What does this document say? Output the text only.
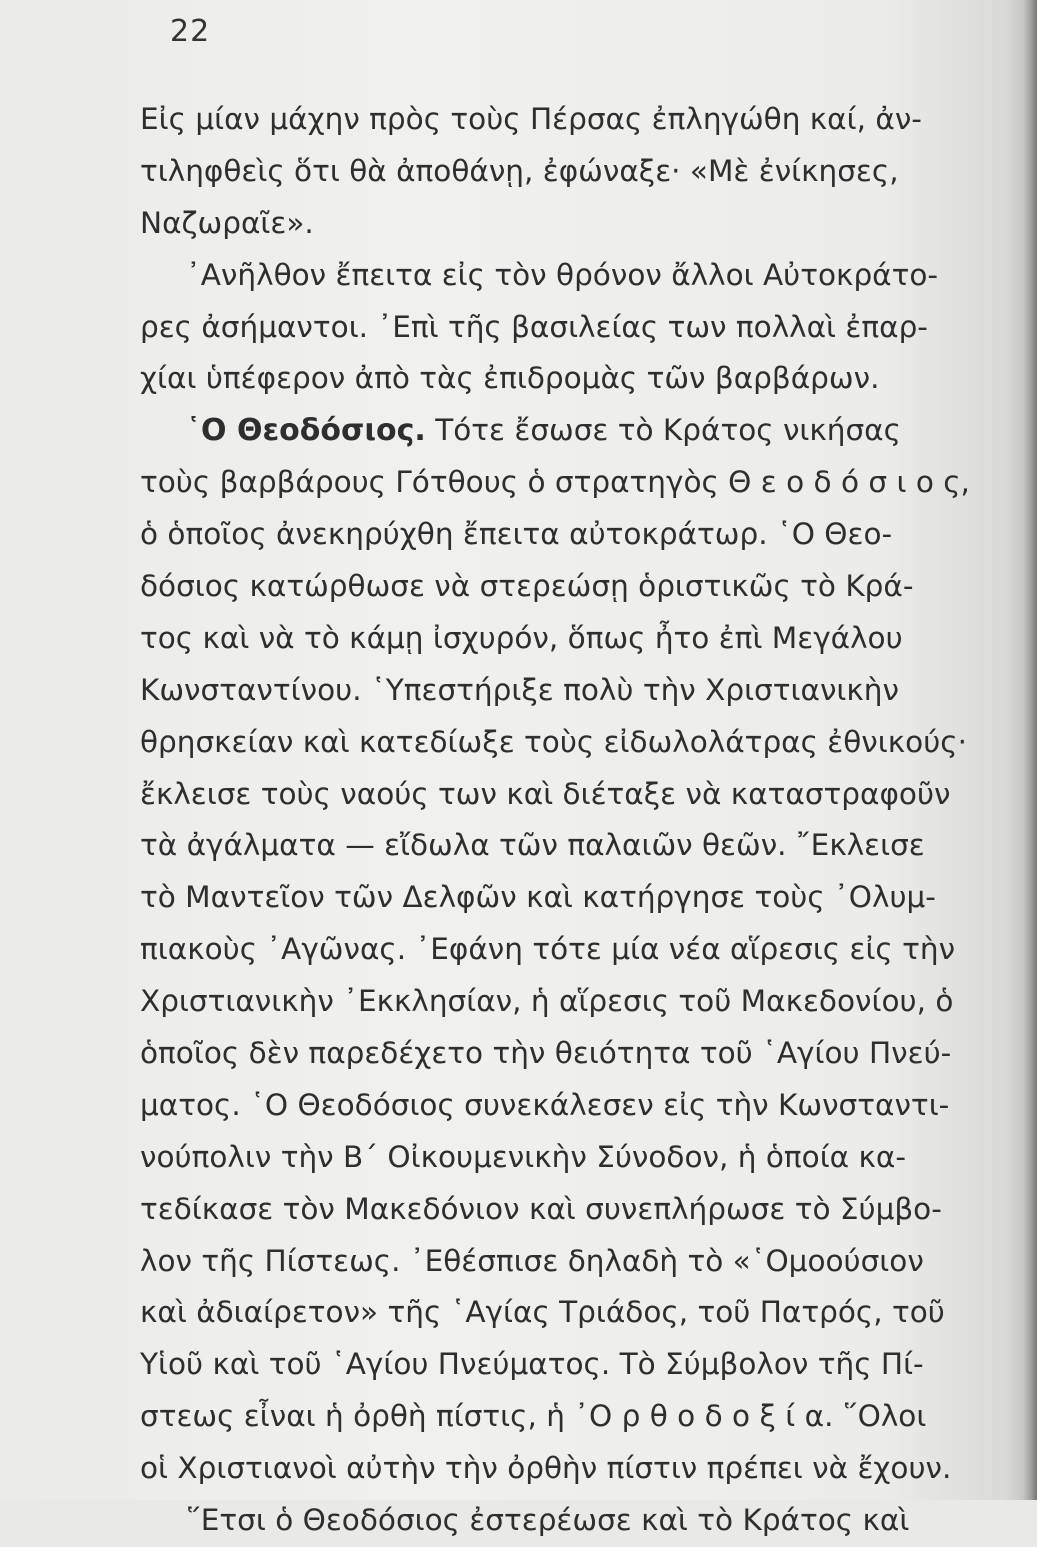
22
Εἰς μίαν μάχην πρὸς τοὺς Πέρσας ἐπληγώθη καί, ἀν-
τιληφθεὶς ὅτι θὰ ἀποθάνῃ, ἐφώναξε· «Μὲ ἐνίκησες,
Ναζωραῖε».
᾿Ανῆλθον ἔπειτα εἰς τὸν θρόνον ἄλλοι Αὐτοκράτο-
ρες ἀσήμαντοι. ᾿Επὶ τῆς βασιλείας των πολλαὶ ἐπαρ-
χίαι ὑπέφερον ἀπὸ τὰς ἐπιδρομὰς τῶν βαρβάρων.
῾Ο Θεοδόσιος. Τότε ἔσωσε τὸ Κράτος νικήσας
τοὺς βαρβάρους Γότθους ὁ στρατηγὸς Θ ε ο δ ό σ ι ο ς,
ὁ ὁποῖος ἀνεκηρύχθη ἔπειτα αὐτοκράτωρ. ῾Ο Θεο-
δόσιος κατώρθωσε νὰ στερεώσῃ ὁριστικῶς τὸ Κρά-
τος καὶ νὰ τὸ κάμῃ ἰσχυρόν, ὅπως ἦτο ἐπὶ Μεγάλου
Κωνσταντίνου. ῾Υπεστήριξε πολὺ τὴν Χριστιανικὴν
θρησκείαν καὶ κατεδίωξε τοὺς εἰδωλολάτρας ἐθνικούς·
ἔκλεισε τοὺς ναούς των καὶ διέταξε νὰ καταστραφοῦν
τὰ ἀγάλματα — εἴδωλα τῶν παλαιῶν θεῶν. ῎Εκλεισε
τὸ Μαντεῖον τῶν Δελφῶν καὶ κατήργησε τοὺς ᾿Ολυμ-
πιακοὺς ᾿Αγῶνας. ᾿Εφάνη τότε μία νέα αἵρεσις εἰς τὴν
Χριστιανικὴν ᾿Εκκλησίαν, ἡ αἵρεσις τοῦ Μακεδονίου, ὁ
ὁποῖος δὲν παρεδέχετο τὴν θειότητα τοῦ ῾Αγίου Πνεύ-
ματος. ῾Ο Θεοδόσιος συνεκάλεσεν εἰς τὴν Κωνσταντι-
νούπολιν τὴν Β΄ Οἰκουμενικὴν Σύνοδον, ἡ ὁποία κα-
τεδίκασε τὸν Μακεδόνιον καὶ συνεπλήρωσε τὸ Σύμβο-
λον τῆς Πίστεως. ᾿Εθέσπισε δηλαδὴ τὸ «῾Ομοούσιον
καὶ ἀδιαίρετον» τῆς ῾Αγίας Τριάδος, τοῦ Πατρός, τοῦ
Υἱοῦ καὶ τοῦ ῾Αγίου Πνεύματος. Τὸ Σύμβολον τῆς Πί-
στεως εἶναι ἡ ὀρθὴ πίστις, ἡ ᾿Ο ρ θ ο δ ο ξ ί α. ῞Ολοι
οἱ Χριστιανοὶ αὐτὴν τὴν ὀρθὴν πίστιν πρέπει νὰ ἔχουν.
῞Ετσι ὁ Θεοδόσιος ἐστερέωσε καὶ τὸ Κράτος καὶ
